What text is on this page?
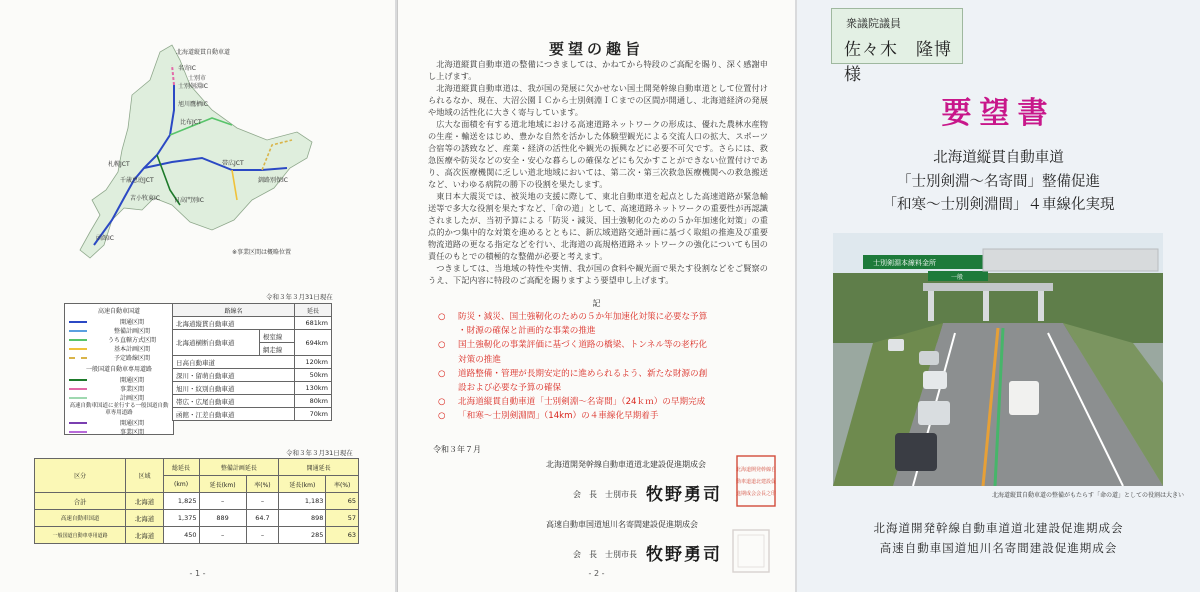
北海道縦貫自動車道
士別剣淵IC
名寄IC
旭川鷹栖IC
札幌JCT
千歳恵庭JCT
苫小牧東IC
帯広JCT
釧路別保IC
函館IC
日高門別IC
士別市
比布JCT
※事業区間は概略位置
令和３年３月31日現在
高速自動車国道
開通区間
整備計画区間
うち直轄方式区間
基本計画区間
予定路線区間
一般国道自動車専用道路
開通区間
事業区間
計画区間
高速自動車国道に並行する一般国道自動車専用道路
開通区間
事業区間
路線名		延長
北海道縦貫自動車道		681km
北海道横断自動車道	根室線	694km
	網走線	
日高自動車道		120km
深川・留萌自動車道		50km
旭川・紋別自動車道		130km
帯広・広尾自動車道		80km
函館・江差自動車道		70km
令和３年３月31日現在
区分	区域	総延長	整備計画延長		開通延長	
		(km)	延長(km)	率(%)	延長(km)	率(%)
合計	北海道	1,825	–	–	1,183	65
高速自動車国道	北海道	1,375	889	64.7	898	57
一般国道自動車専用道路	北海道	450	–	–	285	63
- 1 -
要望の趣旨

北海道縦貫自動車道の整備につきましては、かねてから特段のご高配を賜り、深く感謝申し上げます。

北海道縦貫自動車道は、我が国の発展に欠かせない国土開発幹線自動車道として位置付けられるなか、現在、大沼公園ＩＣから士別剣淵ＩＣまでの区間が開通し、北海道経済の発展や地域の活性化に大きく寄与しています。

広大な面積を有する道北地域における高速道路ネットワークの形成は、優れた農林水産物の生産・輸送をはじめ、豊かな自然を活かした体験型観光による交流人口の拡大、スポーツ合宿等の誘致など、産業・経済の活性化や観光の振興などに必要不可欠です。さらには、救急医療や防災などの安全・安心な暮らしの確保などにも欠かすことができない位置付けであり、高次医療機関に乏しい道北地域においては、第二次・第三次救急医療機関への救急搬送など、いわゆる病院の勝下の役割を果たします。

東日本大震災では、被災地の支援に際して、東北自動車道を起点とした高速道路が緊急輸送等で多大な役割を果たすなど、「命の道」として、高速道路ネットワークの重要性が再認識されましたが、当初予算による「防災・減災、国土強靭化のための５か年加速化対策」の重点的かつ集中的な対策を進めるとともに、新広域道路交通計画に基づく取組の推進及び重要物流道路の更なる指定などを行い、北海道の高規格道路ネットワークの強化についても国の責任のもとでの積極的な整備が必要と考えます。

つきましては、当地域の特性や実情、我が国の食料や観光面で果たす役割などをご賢察のうえ、下記内容に特段のご高配を賜りますよう要望申し上げます。

記
○ 防災・減災、国土強靭化のための５か年加速化対策に必要な予算
・財源の確保と計画的な事業の推進
○ 国土強靭化の事業評価に基づく道路の橋梁、トンネル等の老朽化
対策の推進
○ 道路整備・管理が長期安定的に進められるよう、新たな財源の創
設および必要な予算の確保
○ 北海道縦貫自動車道「士別剣淵～名寄間」（24ｋｍ）の早期完成
○ 「和寒～士別剣淵間」（14km）の４車線化早期着手
令和３年７月
北海道開発幹線自動車道道北建設促進期成会
会　長　士別市長 牧野勇司
北海道開発幹線自
動車道道北建設促
進期成会会長之印
高速自動車国道旭川名寄間建設促進期成会
会　長　士別市長 牧野勇司
- 2 -
衆議院議員
佐々木　隆博様
要望書
北海道縦貫自動車道
「士別剣淵～名寄間」整備促進
「和寒～士別剣淵間」４車線化実現
士別剣淵本線料金所
一般
北海道縦貫自動車道の整備がもたらす「命の道」としての役割は大きい
北海道開発幹線自動車道道北建設促進期成会
高速自動車国道旭川名寄間建設促進期成会
